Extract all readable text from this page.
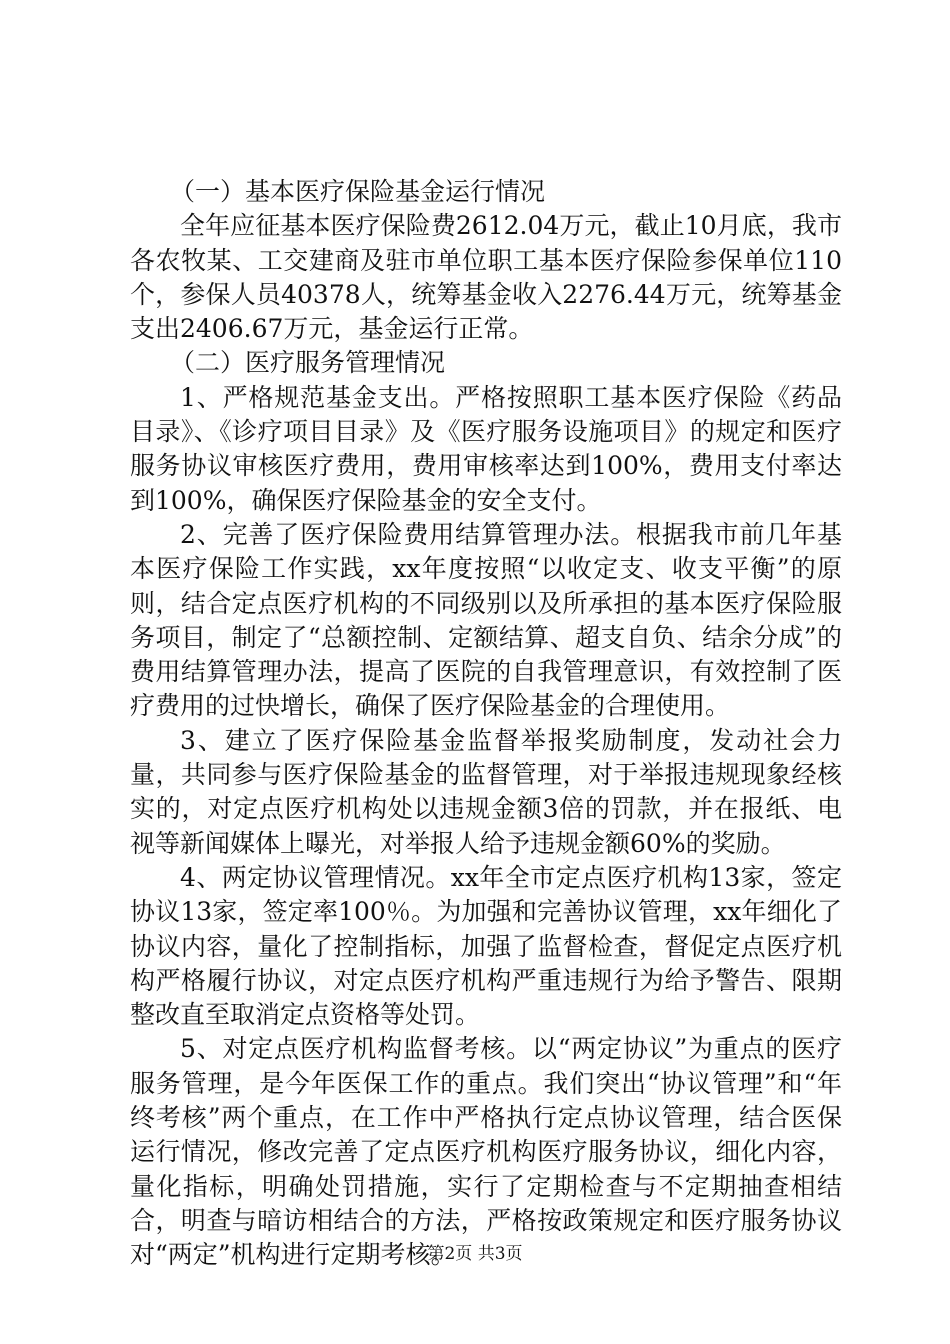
（一）基本医疗保险基金运行情况

全年应征基本医疗保险费2612.04万元，截止10月底，我市各农牧某、工交建商及驻市单位职工基本医疗保险参保单位110个，参保人员40378人，统筹基金收入2276.44万元，统筹基金支出2406.67万元，基金运行正常。

（二）医疗服务管理情况

1、严格规范基金支出。严格按照职工基本医疗保险《药品目录》、《诊疗项目目录》及《医疗服务设施项目》的规定和医疗服务协议审核医疗费用，费用审核率达到100%，费用支付率达到100%，确保医疗保险基金的安全支付。

2、完善了医疗保险费用结算管理办法。根据我市前几年基本医疗保险工作实践，xx年度按照“以收定支、收支平衡”的原则，结合定点医疗机构的不同级别以及所承担的基本医疗保险服务项目，制定了“总额控制、定额结算、超支自负、结余分成”的费用结算管理办法，提高了医院的自我管理意识，有效控制了医疗费用的过快增长，确保了医疗保险基金的合理使用。

3、建立了医疗保险基金监督举报奖励制度，发动社会力量，共同参与医疗保险基金的监督管理，对于举报违规现象经核实的，对定点医疗机构处以违规金额3倍的罚款，并在报纸、电视等新闻媒体上曝光，对举报人给予违规金额60%的奖励。

4、两定协议管理情况。xx年全市定点医疗机构13家，签定协议13家，签定率100％。为加强和完善协议管理，xx年细化了协议内容，量化了控制指标，加强了监督检查，督促定点医疗机构严格履行协议，对定点医疗机构严重违规行为给予警告、限期整改直至取消定点资格等处罚。

5、对定点医疗机构监督考核。以“两定协议”为重点的医疗服务管理，是今年医保工作的重点。我们突出“协议管理”和“年终考核”两个重点，在工作中严格执行定点协议管理，结合医保运行情况，修改完善了定点医疗机构医疗服务协议，细化内容，量化指标，明确处罚措施，实行了定期检查与不定期抽查相结合，明查与暗访相结合的方法，严格按政策规定和医疗服务协议对“两定”机构进行定期考核。

第2页 共3页
